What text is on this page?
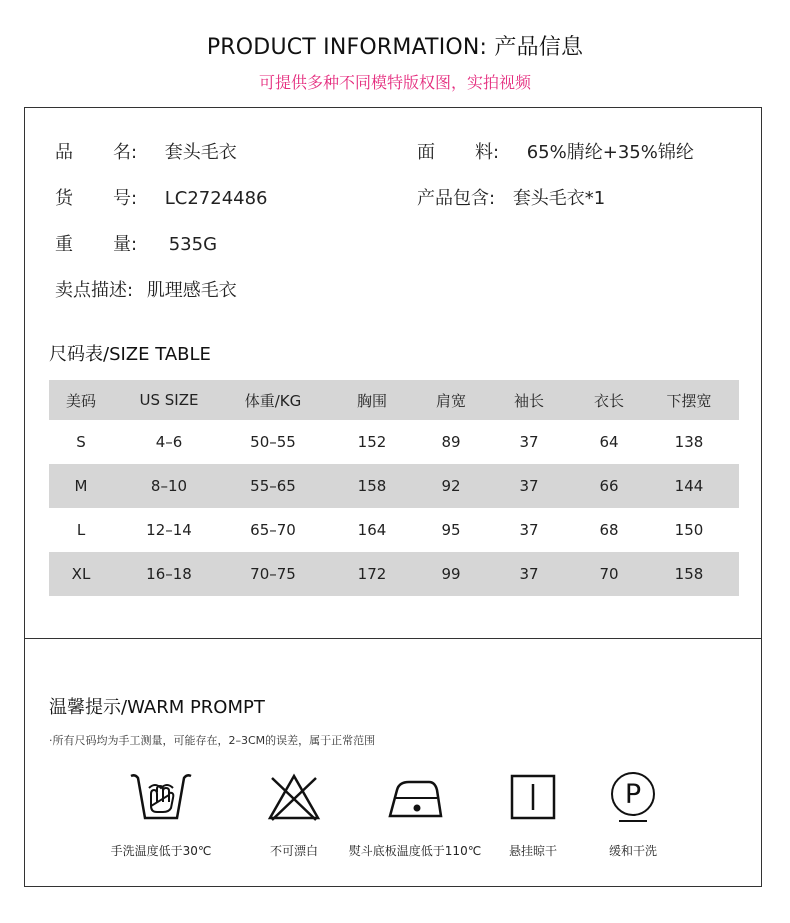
PRODUCT INFORMATION: 产品信息
可提供多种不同模特版权图，实拍视频
品 名: 套头毛衣	面 料: 65%腈纶+35%锦纶
货 号: LC2724486	产品包含: 套头毛衣*1
重 量: 535G
卖点描述: 肌理感毛衣
尺码表/SIZE TABLE
美码	US SIZE	体重/KG	胸围	肩宽	袖长	衣长	下摆宽
S	4–6	50–55	152	89	37	64	138
M	8–10	55–65	158	92	37	66	144
L	12–14	65–70	164	95	37	68	150
XL	16–18	70–75	172	99	37	70	158
温馨提示/WARM PROMPT
·所有尺码均为手工测量，可能存在，2–3CM的误差，属于正常范围
手洗温度低于30℃	不可漂白	熨斗底板温度低于110℃	悬挂晾干
P
缓和干洗
